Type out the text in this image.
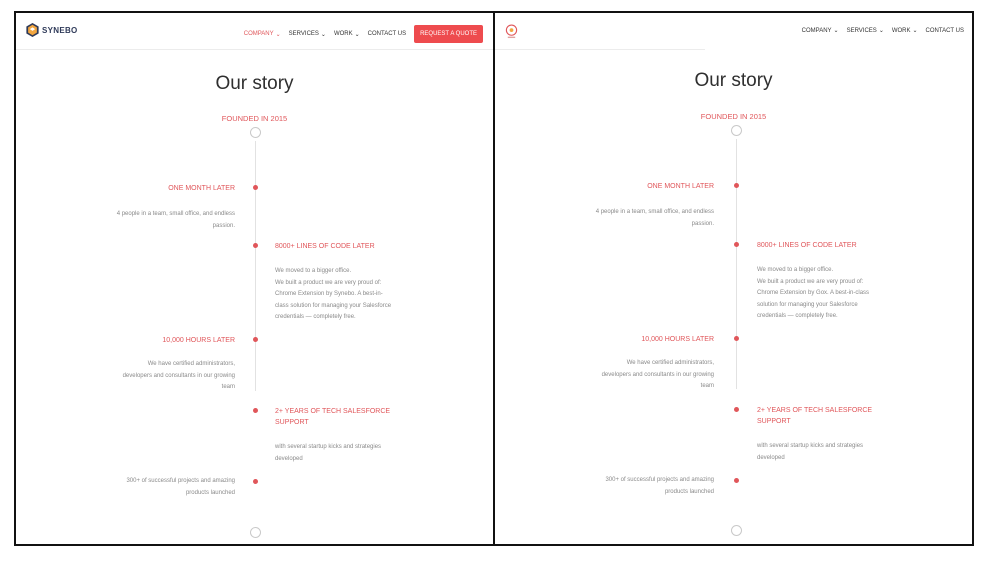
SYNEBO	COMPANY ⌄ SERVICES ⌄ WORK ⌄ CONTACT US	REQUEST A QUOTE
Our story
FOUNDED IN 2015
ONE MONTH LATER
4 people in a team, small office, and endless passion.
8000+ LINES OF CODE LATER
We moved to a bigger office.
We built a product we are very proud of:
Chrome Extension by Synebo. A best-in-
class solution for managing your Salesforce
credentials — completely free.
10,000 HOURS LATER
We have certified administrators,
developers and consultants in our growing
team
2+ YEARS OF TECH SALESFORCE
SUPPORT
with several startup kicks and strategies
developed
300+ of successful projects and amazing
products launched
COMPANY ⌄ SERVICES ⌄ WORK ⌄ CONTACT US
Our story
FOUNDED IN 2015
ONE MONTH LATER
4 people in a team, small office, and endless passion.
8000+ LINES OF CODE LATER
We moved to a bigger office.
We built a product we are very proud of:
Chrome Extension by Gox. A best-in-class
solution for managing your Salesforce
credentials — completely free.
10,000 HOURS LATER
We have certified administrators,
developers and consultants in our growing
team
2+ YEARS OF TECH SALESFORCE
SUPPORT
with several startup kicks and strategies
developed
300+ of successful projects and amazing
products launched
